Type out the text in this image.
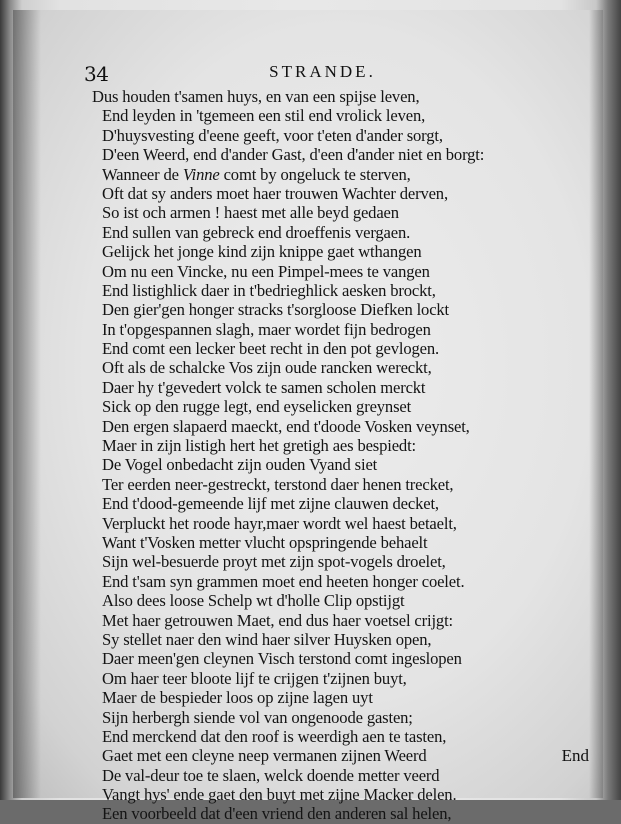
34	STRANDE.
Dus houden t'samen huys, en van een spijse leven,
End leyden in 'tgemeen een stil end vrolick leven,
D'huysvesting d'eene geeft, voor t'eten d'ander sorgt,
D'een Weerd, end d'ander Gast, d'een d'ander niet en borgt:
Wanneer de Vinne comt by ongeluck te sterven,
Oft dat sy anders moet haer trouwen Wachter derven,
So ist och armen ! haest met alle beyd gedaen
End sullen van gebreck end droeffenis vergaen.
Gelijck het jonge kind zijn knippe gaet wthangen
Om nu een Vincke, nu een Pimpel-mees te vangen
End listighlick daer in t'bedrieghlick aesken brockt,
Den gier'gen honger stracks t'sorgloose Diefken lockt
In t'opgespannen slagh, maer wordet fijn bedrogen
End comt een lecker beet recht in den pot gevlogen.
Oft als de schalcke Vos zijn oude rancken wereckt,
Daer hy t'gevedert volck te samen scholen merckt
Sick op den rugge legt, end eyselicken greynset
Den ergen slapaerd maeckt, end t'doode Vosken veynset,
Maer in zijn listigh hert het gretigh aes bespiedt:
De Vogel onbedacht zijn ouden Vyand siet
Ter eerden neer-gestreckt, terstond daer henen trecket,
End t'dood-gemeende lijf met zijne clauwen decket,
Verpluckt het roode hayr,maer wordt wel haest betaelt,
Want t'Vosken metter vlucht opspringende behaelt
Sijn wel-besuerde proyt met zijn spot-vogels droelet,
End t'sam syn grammen moet end heeten honger coelet.
Also dees loose Schelp wt d'holle Clip opstijgt
Met haer getrouwen Maet, end dus haer voetsel crijgt:
Sy stellet naer den wind haer silver Huysken open,
Daer meen'gen cleynen Visch terstond comt ingeslopen
Om haer teer bloote lijf te crijgen t'zijnen buyt,
Maer de bespieder loos op zijne lagen uyt
Sijn herbergh siende vol van ongenoode gasten;
End merckend dat den roof is weerdigh aen te tasten,
Gaet met een cleyne neep vermanen zijnen Weerd
De val-deur toe te slaen, welck doende metter veerd
Vangt hys' ende gaet den buyt met zijne Macker delen.
Een voorbeeld dat d'een vriend den anderen sal helen,
End
